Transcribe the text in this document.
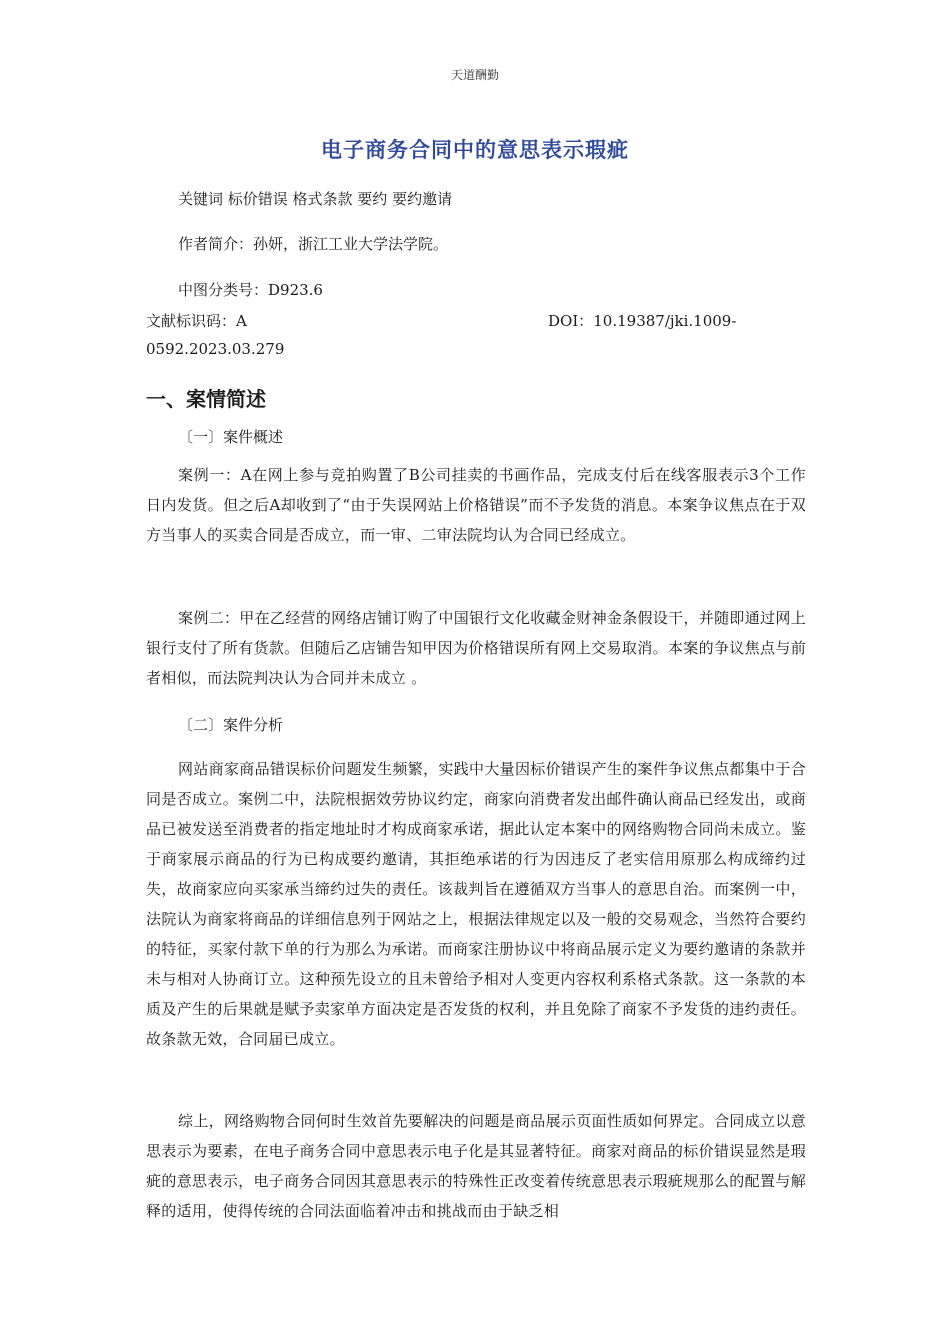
天道酬勤
电子商务合同中的意思表示瑕疵
关键词 标价错误 格式条款 要约 要约邀请
作者简介：孙妍，浙江工业大学法学院。
中图分类号：D923.6
文献标识码：A	DOI：10.19387/jki.1009-
0592.2023.03.279
一、案情简述
〔一〕案件概述
案例一：A在网上参与竞拍购置了B公司挂卖的书画作品，完成支付后在线客服表示3个工作日内发货。但之后A却收到了“由于失误网站上价格错误”而不予发货的消息。本案争议焦点在于双方当事人的买卖合同是否成立，而一审、二审法院均认为合同已经成立。
案例二：甲在乙经营的网络店铺订购了中国银行文化收藏金财神金条假设干，并随即通过网上银行支付了所有货款。但随后乙店铺告知甲因为价格错误所有网上交易取消。本案的争议焦点与前者相似，而法院判决认为合同并未成立 。
〔二〕案件分析
网站商家商品错误标价问题发生频繁，实践中大量因标价错误产生的案件争议焦点都集中于合同是否成立。案例二中，法院根据效劳协议约定，商家向消费者发出邮件确认商品已经发出，或商品已被发送至消费者的指定地址时才构成商家承诺，据此认定本案中的网络购物合同尚未成立。鉴于商家展示商品的行为已构成要约邀请，其拒绝承诺的行为因违反了老实信用原那么构成缔约过失，故商家应向买家承当缔约过失的责任。该裁判旨在遵循双方当事人的意思自治。而案例一中，法院认为商家将商品的详细信息列于网站之上，根据法律规定以及一般的交易观念，当然符合要约的特征，买家付款下单的行为那么为承诺。而商家注册协议中将商品展示定义为要约邀请的条款并未与相对人协商订立。这种预先设立的且未曾给予相对人变更内容权利系格式条款。这一条款的本质及产生的后果就是赋予卖家单方面决定是否发货的权利，并且免除了商家不予发货的违约责任。故条款无效，合同届已成立。
综上，网络购物合同何时生效首先要解决的问题是商品展示页面性质如何界定。合同成立以意思表示为要素，在电子商务合同中意思表示电子化是其显著特征。商家对商品的标价错误显然是瑕疵的意思表示，电子商务合同因其意思表示的特殊性正改变着传统意思表示瑕疵规那么的配置与解释的适用，使得传统的合同法面临着冲击和挑战而由于缺乏相
